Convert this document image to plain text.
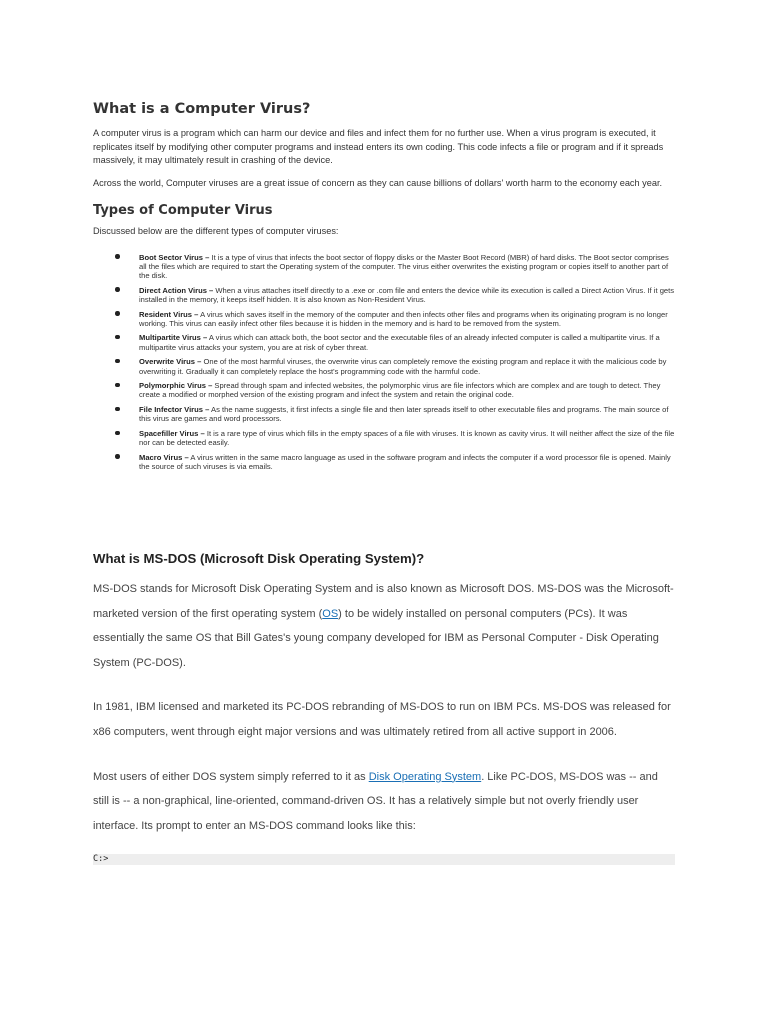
What is a Computer Virus?

A computer virus is a program which can harm our device and files and infect them for no further use. When a virus program is executed, it replicates itself by modifying other computer programs and instead enters its own coding. This code infects a file or program and if it spreads massively, it may ultimately result in crashing of the device.

Across the world, Computer viruses are a great issue of concern as they can cause billions of dollars' worth harm to the economy each year.

Types of Computer Virus

Discussed below are the different types of computer viruses:

Boot Sector Virus – It is a type of virus that infects the boot sector of floppy disks or the Master Boot Record (MBR) of hard disks. The Boot sector comprises all the files which are required to start the Operating system of the computer. The virus either overwrites the existing program or copies itself to another part of the disk.
Direct Action Virus – When a virus attaches itself directly to a .exe or .com file and enters the device while its execution is called a Direct Action Virus. If it gets installed in the memory, it keeps itself hidden. It is also known as Non-Resident Virus.
Resident Virus – A virus which saves itself in the memory of the computer and then infects other files and programs when its originating program is no longer working. This virus can easily infect other files because it is hidden in the memory and is hard to be removed from the system.
Multipartite Virus – A virus which can attack both, the boot sector and the executable files of an already infected computer is called a multipartite virus. If a multipartite virus attacks your system, you are at risk of cyber threat.
Overwrite Virus – One of the most harmful viruses, the overwrite virus can completely remove the existing program and replace it with the malicious code by overwriting it. Gradually it can completely replace the host's programming code with the harmful code.
Polymorphic Virus – Spread through spam and infected websites, the polymorphic virus are file infectors which are complex and are tough to detect. They create a modified or morphed version of the existing program and infect the system and retain the original code.
File Infector Virus – As the name suggests, it first infects a single file and then later spreads itself to other executable files and programs. The main source of this virus are games and word processors.
Spacefiller Virus – It is a rare type of virus which fills in the empty spaces of a file with viruses. It is known as cavity virus. It will neither affect the size of the file nor can be detected easily.
Macro Virus – A virus written in the same macro language as used in the software program and infects the computer if a word processor file is opened. Mainly the source of such viruses is via emails.
What is MS-DOS (Microsoft Disk Operating System)?

MS-DOS stands for Microsoft Disk Operating System and is also known as Microsoft DOS. MS-DOS was the Microsoft-marketed version of the first operating system (OS) to be widely installed on personal computers (PCs). It was essentially the same OS that Bill Gates's young company developed for IBM as Personal Computer - Disk Operating System (PC-DOS).

In 1981, IBM licensed and marketed its PC-DOS rebranding of MS-DOS to run on IBM PCs. MS-DOS was released for x86 computers, went through eight major versions and was ultimately retired from all active support in 2006.

Most users of either DOS system simply referred to it as Disk Operating System. Like PC-DOS, MS-DOS was -- and still is -- a non-graphical, line-oriented, command-driven OS. It has a relatively simple but not overly friendly user interface. Its prompt to enter an MS-DOS command looks like this:

C:>
